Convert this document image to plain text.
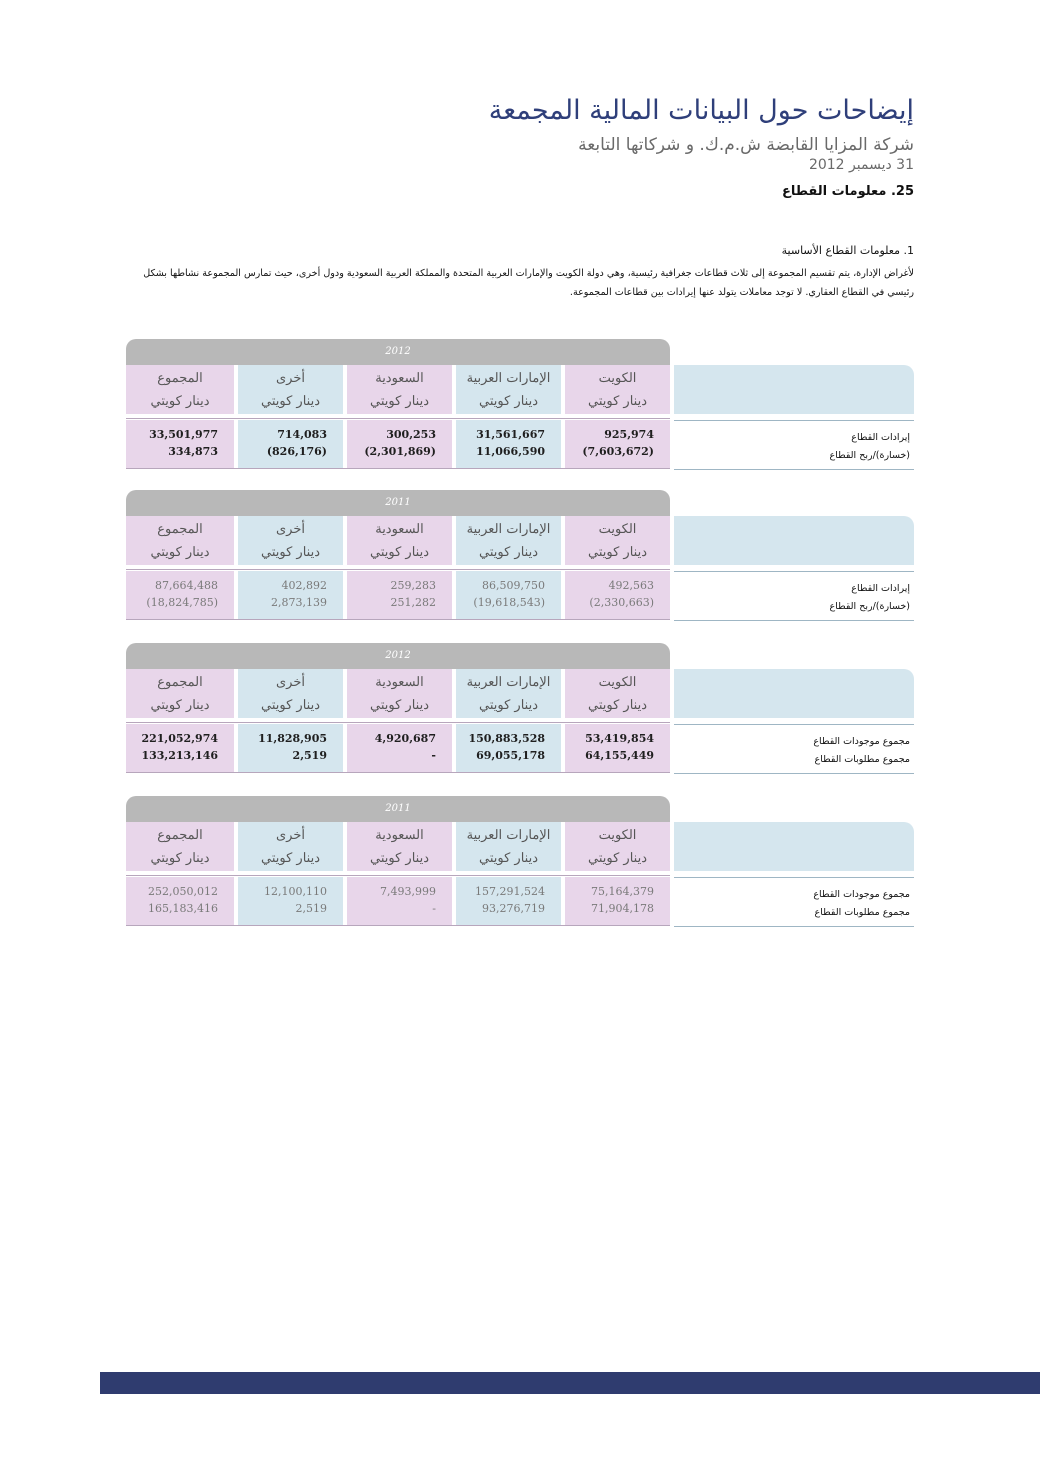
إيضاحات حول البيانات المالية المجمعة
شركة المزايا القابضة ش.م.ك. و شركاتها التابعة
31 ديسمبر 2012
25. معلومات القطاع
1. معلومات القطاع الأساسية
لأغراض الإدارة، يتم تقسيم المجموعة إلى ثلاث قطاعات جغرافية رئيسية، وهي دولة الكويت والإمارات العربية المتحدة والمملكة العربية السعودية ودول أخرى، حيث تمارس المجموعة نشاطها بشكل رئيسي في القطاع العقاري. لا توجد معاملات يتولد عنها إيرادات بين قطاعات المجموعة.
2012
المجموع
دينار كويتي
33,501,977
334,873
أخرى
دينار كويتي
714,083
(826,176)
السعودية
دينار كويتي
300,253
(2,301,869)
الإمارات العربية
دينار كويتي
31,561,667
11,066,590
الكويت
دينار كويتي
925,974
(7,603,672)
إيرادات القطاع
(خسارة)/ربح القطاع
2011
المجموع
دينار كويتي
87,664,488
(18,824,785)
أخرى
دينار كويتي
402,892
2,873,139
السعودية
دينار كويتي
259,283
251,282
الإمارات العربية
دينار كويتي
86,509,750
(19,618,543)
الكويت
دينار كويتي
492,563
(2,330,663)
إيرادات القطاع
(خسارة)/ربح القطاع
2012
المجموع
دينار كويتي
221,052,974
133,213,146
أخرى
دينار كويتي
11,828,905
2,519
السعودية
دينار كويتي
4,920,687
-
الإمارات العربية
دينار كويتي
150,883,528
69,055,178
الكويت
دينار كويتي
53,419,854
64,155,449
مجموع موجودات القطاع
مجموع مطلوبات القطاع
2011
المجموع
دينار كويتي
252,050,012
165,183,416
أخرى
دينار كويتي
12,100,110
2,519
السعودية
دينار كويتي
7,493,999
-
الإمارات العربية
دينار كويتي
157,291,524
93,276,719
الكويت
دينار كويتي
75,164,379
71,904,178
مجموع موجودات القطاع
مجموع مطلوبات القطاع
